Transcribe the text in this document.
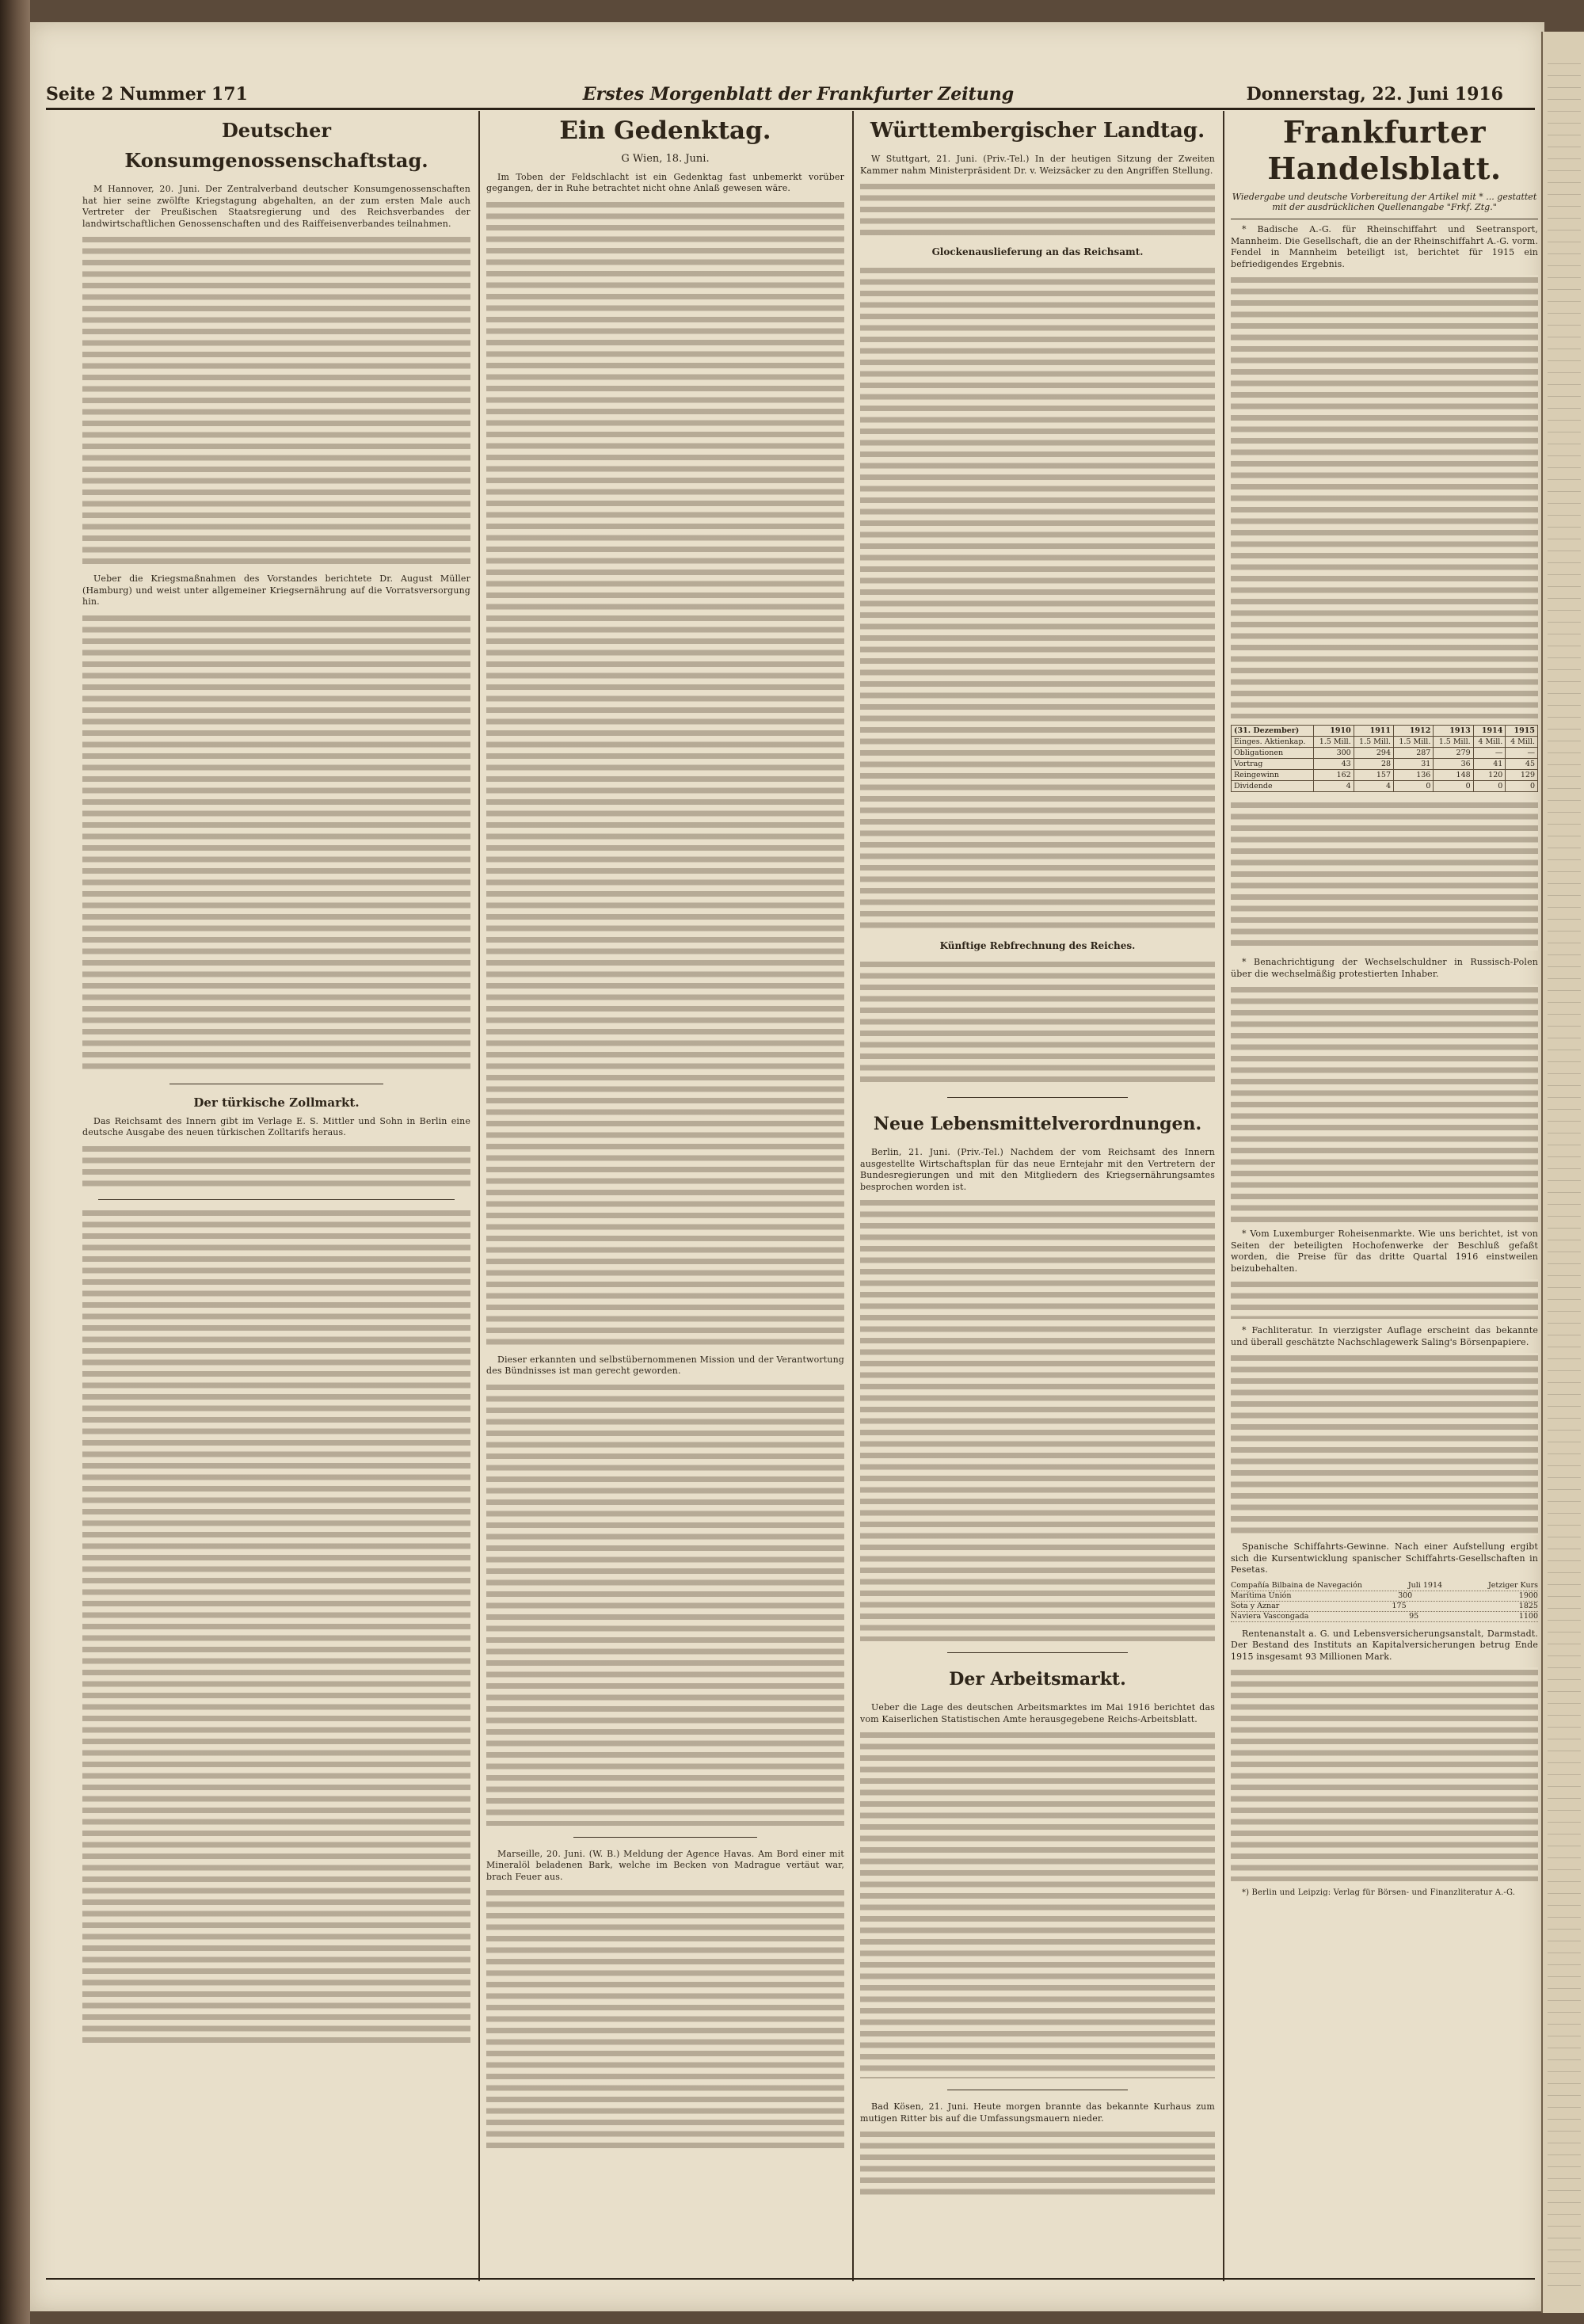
Seite 2 Nummer 171	Erstes Morgenblatt der Frankfurter Zeitung	Donnerstag, 22. Juni 1916
Deutscher Konsumgenossenschaftstag.

M Hannover, 20. Juni. Der Zentralverband deutscher Konsumgenossenschaften hat hier seine zwölfte Kriegstagung abgehalten, an der zum ersten Male auch Vertreter der Preußischen Staatsregierung und des Reichsverbandes der landwirtschaftlichen Genossenschaften und des Raiffeisenverbandes teilnahmen.

Ueber die Kriegsmaßnahmen des Vorstandes berichtete Dr. August Müller (Hamburg) und weist unter allgemeiner Kriegsernährung auf die Vorratsversorgung hin.

Der türkische Zollmarkt.

Das Reichsamt des Innern gibt im Verlage E. S. Mittler und Sohn in Berlin eine deutsche Ausgabe des neuen türkischen Zolltarifs heraus.

Ein Gedenktag.
G Wien, 18. Juni.

Im Toben der Feldschlacht ist ein Gedenktag fast unbemerkt vorüber gegangen, der in Ruhe betrachtet nicht ohne Anlaß gewesen wäre.

Dieser erkannten und selbstübernommenen Mission und der Verantwortung des Bündnisses ist man gerecht geworden.

Marseille, 20. Juni. (W. B.) Meldung der Agence Havas. Am Bord einer mit Mineralöl beladenen Bark, welche im Becken von Madrague vertäut war, brach Feuer aus.

Württembergischer Landtag.

W Stuttgart, 21. Juni. (Priv.-Tel.) In der heutigen Sitzung der Zweiten Kammer nahm Ministerpräsident Dr. v. Weizsäcker zu den Angriffen Stellung.

Glockenauslieferung an das Reichsamt.
Künftige Rebfrechnung des Reiches.
Neue Lebensmittelverordnungen.

Berlin, 21. Juni. (Priv.-Tel.) Nachdem der vom Reichsamt des Innern ausgestellte Wirtschaftsplan für das neue Erntejahr mit den Vertretern der Bundesregierungen und mit den Mitgliedern des Kriegsernährungsamtes besprochen worden ist.

Der Arbeitsmarkt.

Ueber die Lage des deutschen Arbeitsmarktes im Mai 1916 berichtet das vom Kaiserlichen Statistischen Amte herausgegebene Reichs-Arbeitsblatt.

Bad Kösen, 21. Juni. Heute morgen brannte das bekannte Kurhaus zum mutigen Ritter bis auf die Umfassungsmauern nieder.

Frankfurter Handelsblatt.
Wiedergabe und deutsche Vorbereitung der Artikel mit * ... gestattet mit der ausdrücklichen Quellenangabe "Frkf. Ztg."

* Badische A.-G. für Rheinschiffahrt und Seetransport, Mannheim. Die Gesellschaft, die an der Rheinschiffahrt A.-G. vorm. Fendel in Mannheim beteiligt ist, berichtet für 1915 ein befriedigendes Ergebnis.

(31. Dezember)	1910	1911	1912	1913	1914	1915
Einges. Aktienkap.	1.5 Mill.	1.5 Mill.	1.5 Mill.	1.5 Mill.	4 Mill.	4 Mill.
Obligationen	300	294	287	279	—	—
Vortrag	43	28	31	36	41	45
Reingewinn	162	157	136	148	120	129
Dividende	4	4	0	0	0	0

* Benachrichtigung der Wechselschuldner in Russisch-Polen über die wechselmäßig protestierten Inhaber.

* Vom Luxemburger Roheisenmarkte. Wie uns berichtet, ist von Seiten der beteiligten Hochofenwerke der Beschluß gefaßt worden, die Preise für das dritte Quartal 1916 einstweilen beizubehalten.

* Fachliteratur. In vierzigster Auflage erscheint das bekannte und überall geschätzte Nachschlagewerk Saling's Börsenpapiere.

Spanische Schiffahrts-Gewinne. Nach einer Aufstellung ergibt sich die Kursentwicklung spanischer Schiffahrts-Gesellschaften in Pesetas.

Compañía Bilbaina de Navegación	Juli 1914	Jetziger Kurs
Marítima Unión	300	1900
Sota y Aznar	175	1825
Naviera Vascongada	95	1100

Rentenanstalt a. G. und Lebensversicherungsanstalt, Darmstadt. Der Bestand des Instituts an Kapitalversicherungen betrug Ende 1915 insgesamt 93 Millionen Mark.

*) Berlin und Leipzig: Verlag für Börsen- und Finanzliteratur A.-G.
